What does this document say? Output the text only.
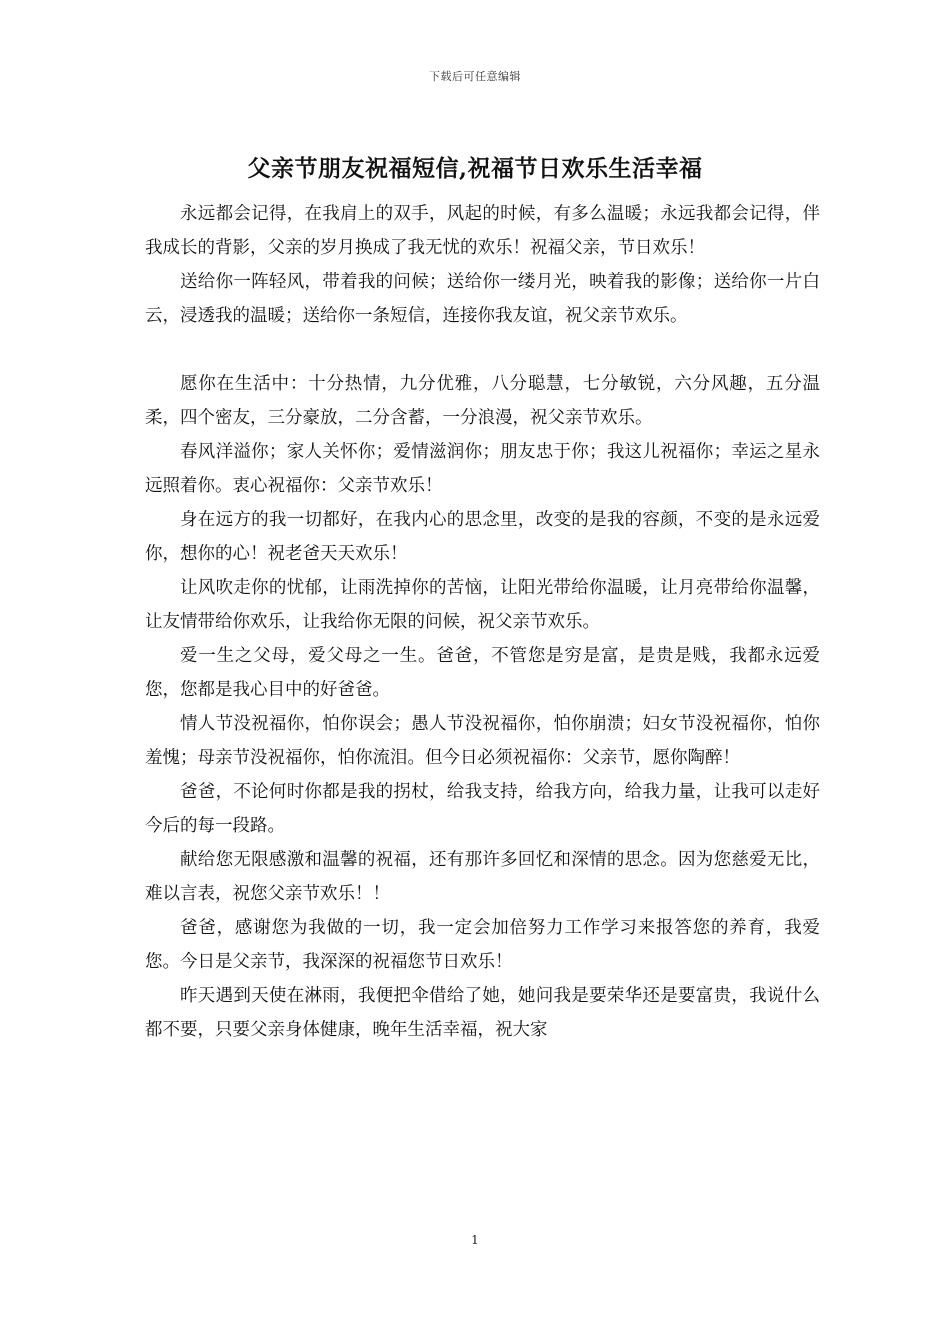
下载后可任意编辑
父亲节朋友祝福短信,祝福节日欢乐生活幸福

永远都会记得，在我肩上的双手，风起的时候，有多么温暖；永远我都会记得，伴我成长的背影，父亲的岁月换成了我无忧的欢乐！祝福父亲，节日欢乐！

送给你一阵轻风，带着我的问候；送给你一缕月光，映着我的影像；送给你一片白云，浸透我的温暖；送给你一条短信，连接你我友谊，祝父亲节欢乐。

愿你在生活中：十分热情，九分优雅，八分聪慧，七分敏锐，六分风趣，五分温柔，四个密友，三分豪放，二分含蓄，一分浪漫，祝父亲节欢乐。

春风洋溢你；家人关怀你；爱情滋润你；朋友忠于你；我这儿祝福你；幸运之星永远照着你。衷心祝福你：父亲节欢乐！

身在远方的我一切都好，在我内心的思念里，改变的是我的容颜，不变的是永远爱你，想你的心！祝老爸天天欢乐！

让风吹走你的忧郁，让雨洗掉你的苦恼，让阳光带给你温暖，让月亮带给你温馨，让友情带给你欢乐，让我给你无限的问候，祝父亲节欢乐。

爱一生之父母，爱父母之一生。爸爸，不管您是穷是富，是贵是贱，我都永远爱您，您都是我心目中的好爸爸。

情人节没祝福你，怕你误会；愚人节没祝福你，怕你崩溃；妇女节没祝福你，怕你羞愧；母亲节没祝福你，怕你流泪。但今日必须祝福你：父亲节，愿你陶醉！

爸爸，不论何时你都是我的拐杖，给我支持，给我方向，给我力量，让我可以走好今后的每一段路。

献给您无限感激和温馨的祝福，还有那许多回忆和深情的思念。因为您慈爱无比，难以言表，祝您父亲节欢乐！！

爸爸，感谢您为我做的一切，我一定会加倍努力工作学习来报答您的养育，我爱您。今日是父亲节，我深深的祝福您节日欢乐！

昨天遇到天使在淋雨，我便把伞借给了她，她问我是要荣华还是要富贵，我说什么都不要，只要父亲身体健康，晚年生活幸福，祝大家

1
